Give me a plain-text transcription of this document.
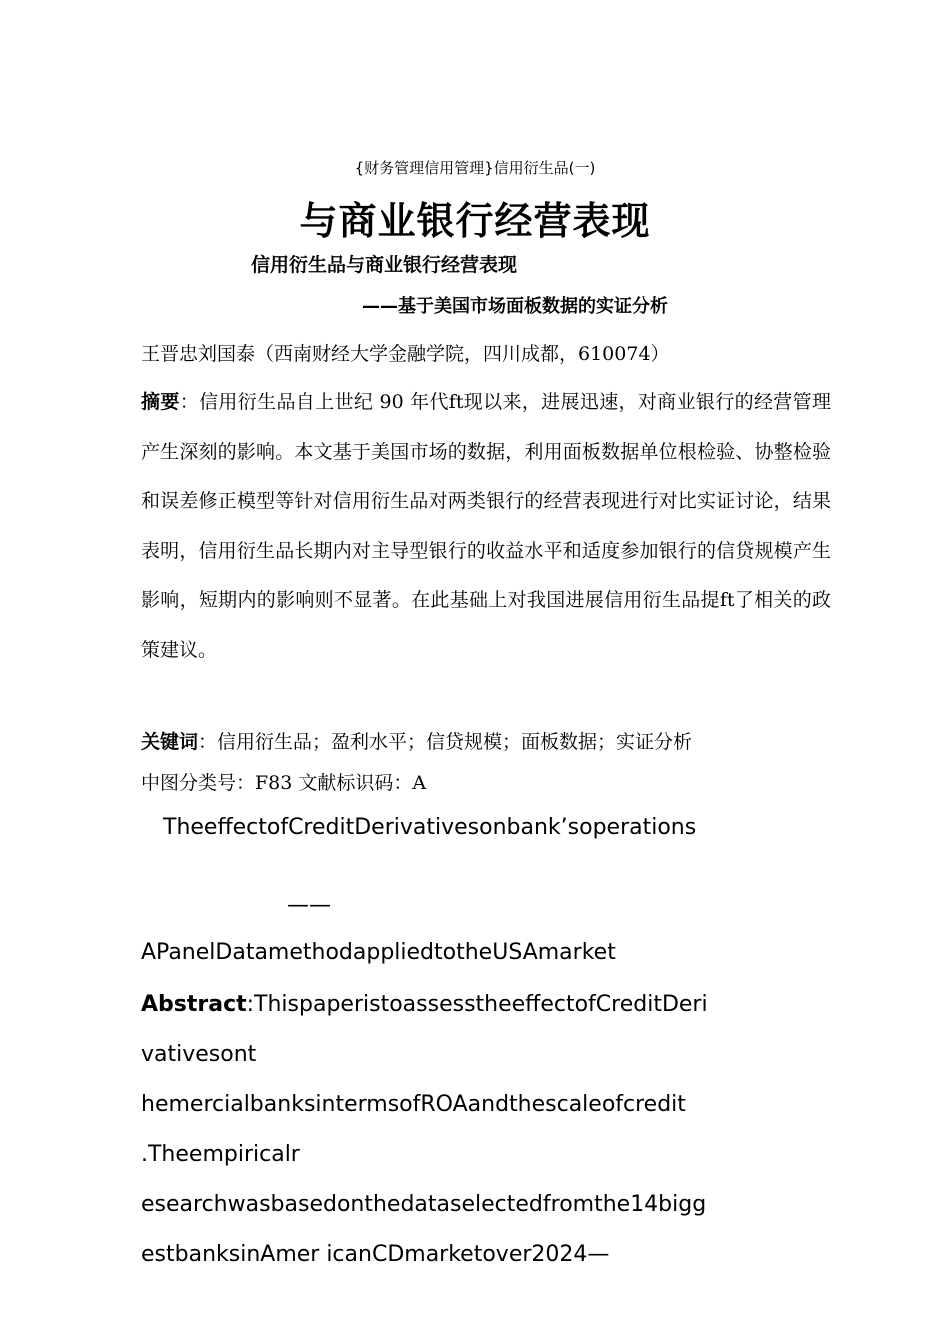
{财务管理信用管理}信用衍生品(一)
与商业银行经营表现
信用衍生品与商业银行经营表现
——基于美国市场面板数据的实证分析
王晋忠刘国泰（西南财经大学金融学院，四川成都，610074）
摘要：信用衍生品自上世纪 90 年代ft现以来，进展迅速，对商业银行的经营管理产生深刻的影响。本文基于美国市场的数据，利用面板数据单位根检验、协整检验和误差修正模型等针对信用衍生品对两类银行的经营表现进行对比实证讨论，结果表明，信用衍生品长期内对主导型银行的收益水平和适度参加银行的信贷规模产生影响，短期内的影响则不显著。在此基础上对我国进展信用衍生品提ft了相关的政策建议。
关键词：信用衍生品；盈利水平；信贷规模；面板数据；实证分析
中图分类号：F83 文献标识码：A
TheeffectofCreditDerivativesonbank’soperations
——
APanelDatamethodappliedtotheUSAmarket
Abstract:ThispaperistoassesstheeffectofCreditDeri
vativesont
hemercialbanksintermsofROAandthescaleofcredit
.Theempiricalr
esearchwasbasedonthedataselectedfromthe14bigg
estbanksinAmer icanCDmarketover2024—
